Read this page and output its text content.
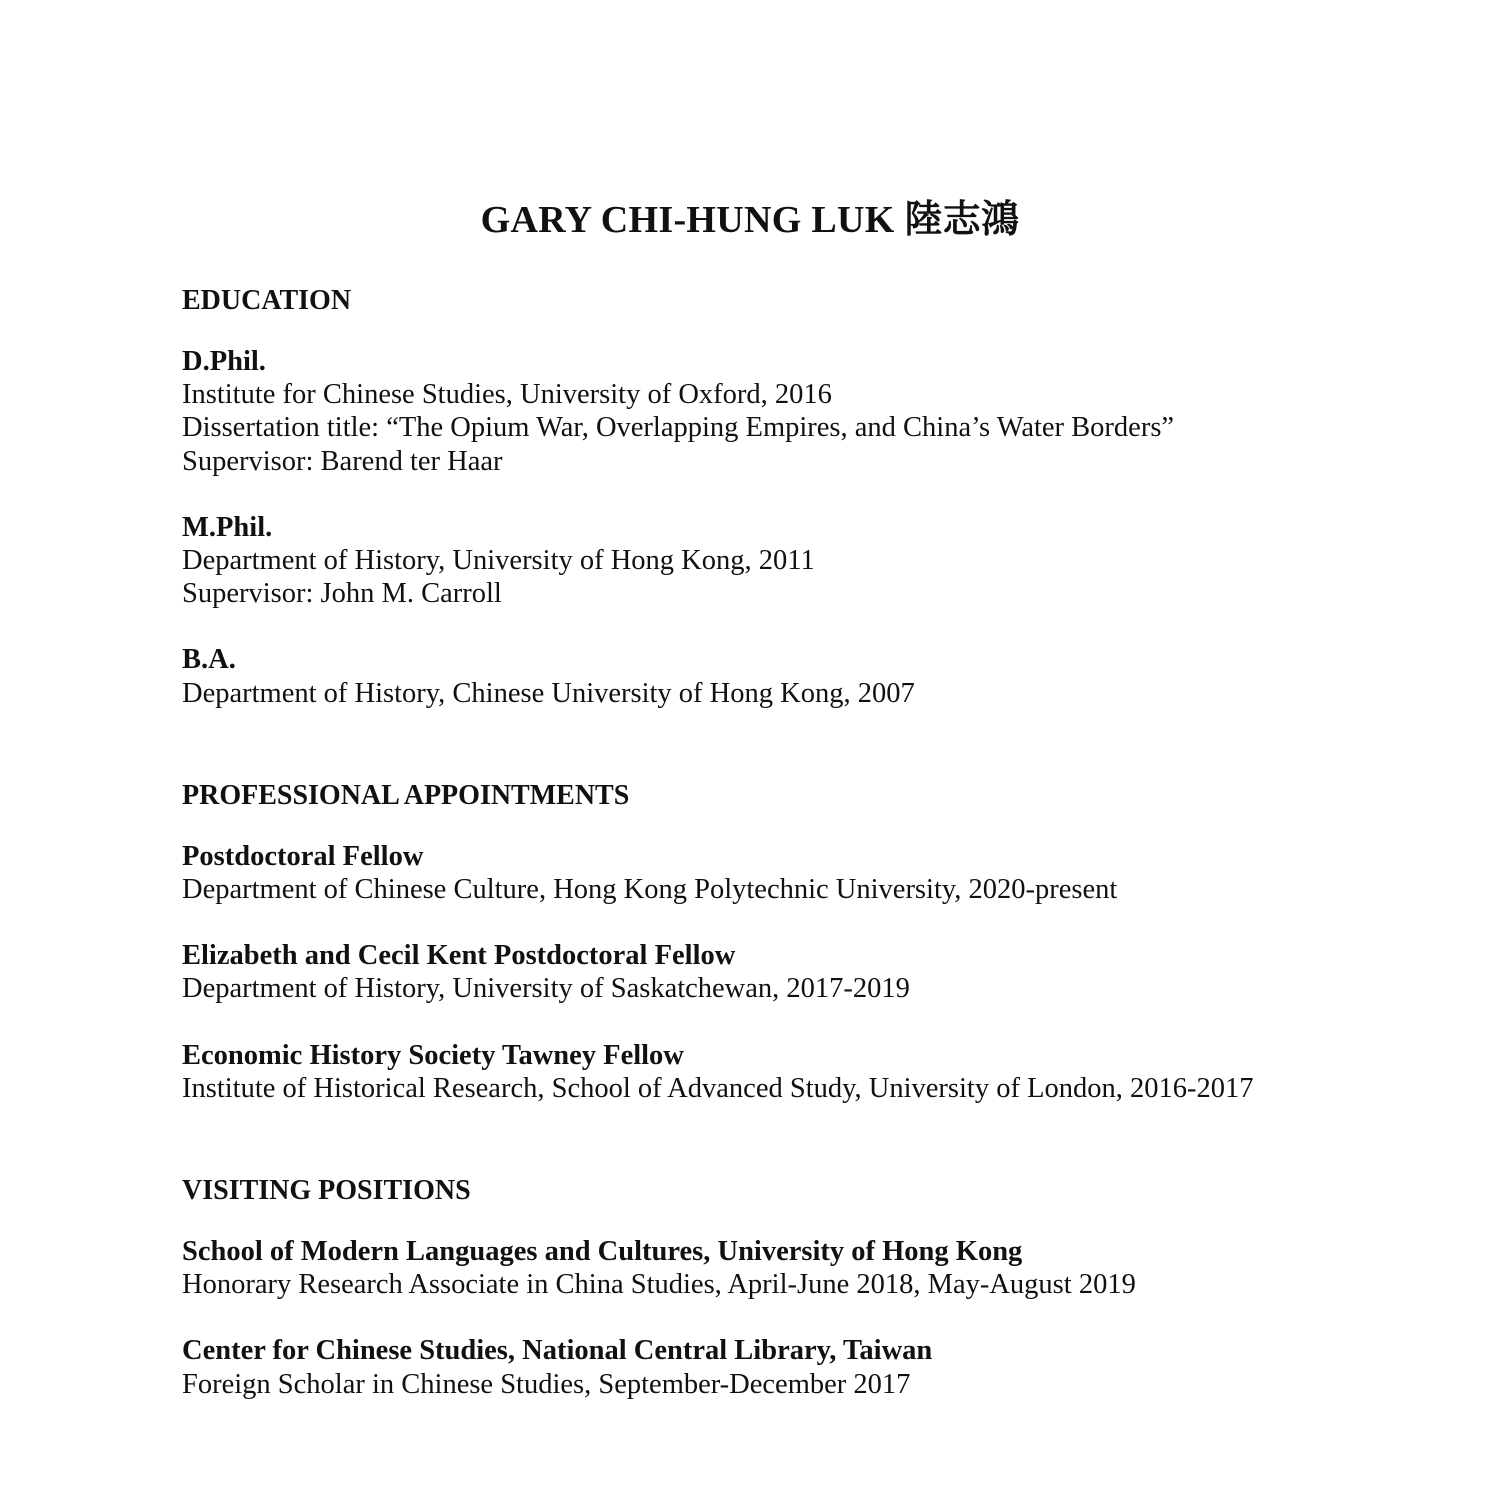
GARY CHI-HUNG LUK 陸志鴻
EDUCATION
D.Phil.
Institute for Chinese Studies, University of Oxford, 2016
Dissertation title: “The Opium War, Overlapping Empires, and China’s Water Borders”
Supervisor: Barend ter Haar
M.Phil.
Department of History, University of Hong Kong, 2011
Supervisor: John M. Carroll
B.A.
Department of History, Chinese University of Hong Kong, 2007
PROFESSIONAL APPOINTMENTS
Postdoctoral Fellow
Department of Chinese Culture, Hong Kong Polytechnic University, 2020-present
Elizabeth and Cecil Kent Postdoctoral Fellow
Department of History, University of Saskatchewan, 2017-2019
Economic History Society Tawney Fellow
Institute of Historical Research, School of Advanced Study, University of London, 2016-2017
VISITING POSITIONS
School of Modern Languages and Cultures, University of Hong Kong
Honorary Research Associate in China Studies, April-June 2018, May-August 2019
Center for Chinese Studies, National Central Library, Taiwan
Foreign Scholar in Chinese Studies, September-December 2017
